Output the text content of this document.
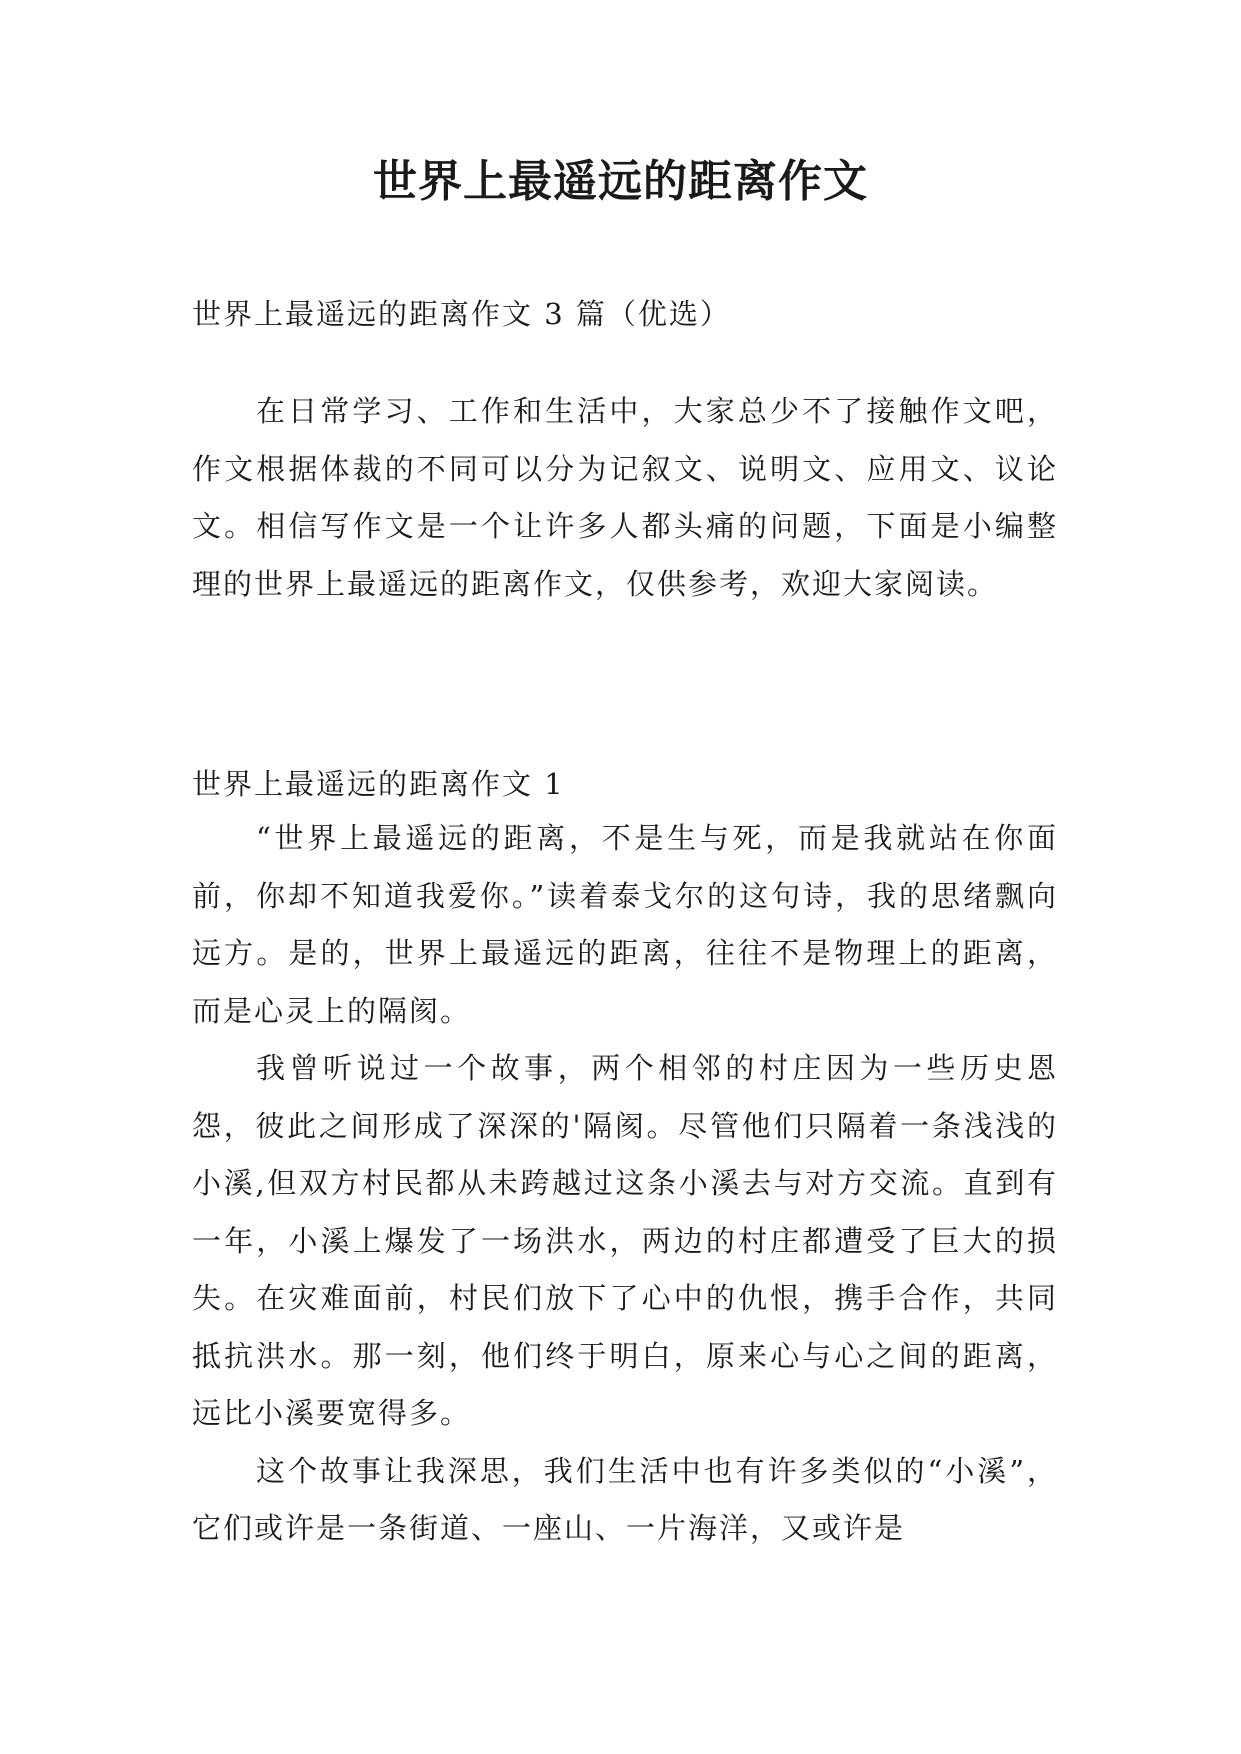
世界上最遥远的距离作文

世界上最遥远的距离作文 3 篇（优选）

在日常学习、工作和生活中，大家总少不了接触作文吧，作文根据体裁的不同可以分为记叙文、说明文、应用文、议论文。相信写作文是一个让许多人都头痛的问题，下面是小编整理的世界上最遥远的距离作文，仅供参考，欢迎大家阅读。

世界上最遥远的距离作文 1

“世界上最遥远的距离，不是生与死，而是我就站在你面前，你却不知道我爱你。”读着泰戈尔的这句诗，我的思绪飘向远方。是的，世界上最遥远的距离，往往不是物理上的距离，而是心灵上的隔阂。

我曾听说过一个故事，两个相邻的村庄因为一些历史恩怨，彼此之间形成了深深的'隔阂。尽管他们只隔着一条浅浅的小溪,但双方村民都从未跨越过这条小溪去与对方交流。直到有一年，小溪上爆发了一场洪水，两边的村庄都遭受了巨大的损失。在灾难面前，村民们放下了心中的仇恨，携手合作，共同抵抗洪水。那一刻，他们终于明白，原来心与心之间的距离，远比小溪要宽得多。

这个故事让我深思，我们生活中也有许多类似的“小溪”，它们或许是一条街道、一座山、一片海洋，又或许是
